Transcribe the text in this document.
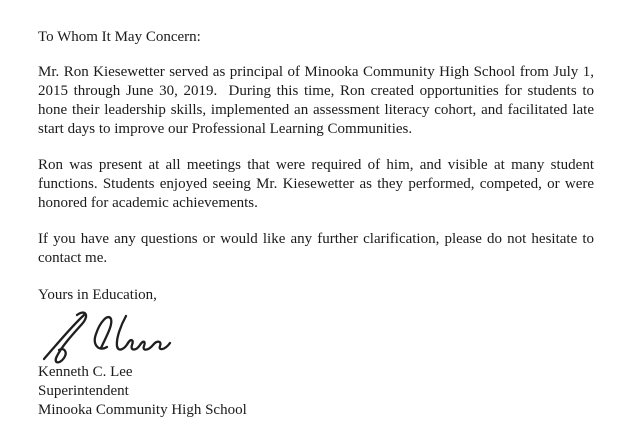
To Whom It May Concern:

Mr. Ron Kiesewetter served as principal of Minooka Community High School from July 1, 2015 through June 30, 2019.  During this time, Ron created opportunities for students to hone their leadership skills, implemented an assessment literacy cohort, and facilitated late start days to improve our Professional Learning Communities.

Ron was present at all meetings that were required of him, and visible at many student functions. Students enjoyed seeing Mr. Kiesewetter as they performed, competed, or were honored for academic achievements.

If you have any questions or would like any further clarification, please do not hesitate to contact me.

Yours in Education,

Kenneth C. Lee
Superintendent
Minooka Community High School
